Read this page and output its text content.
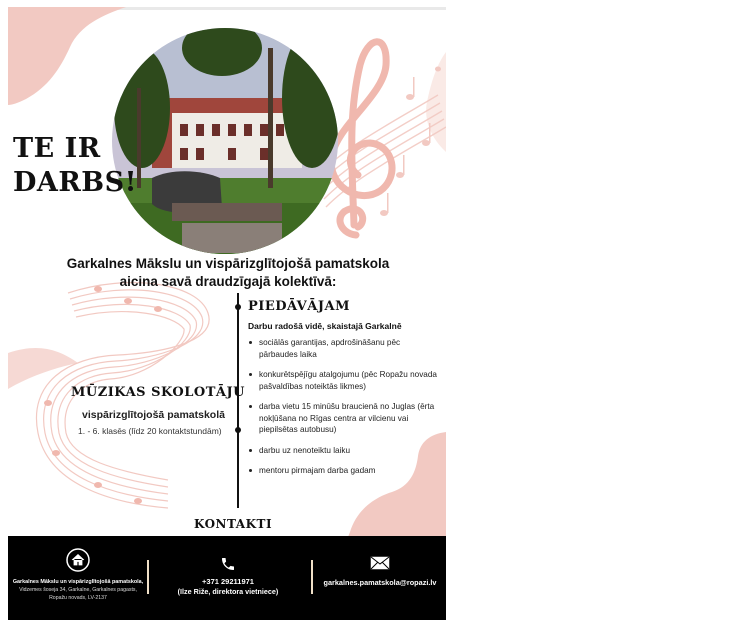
TE IR
DARBS!
Garkalnes Mākslu un vispārizglītojošā pamatskola
aicina savā draudzīgajā kolektīvā:
PIEDĀVĀJAM
Darbu radošā vidē, skaistajā Garkalnē
sociālās garantijas, apdrošināšanu pēc pārbaudes laika
konkurētspējīgu atalgojumu (pēc Ropažu novada pašvaldības noteiktās likmes)
darba vietu 15 minūšu braucienā no Juglas (ērta nokļūšana no Rīgas centra ar vilcienu vai piepilsētas autobusu)
darbu uz nenoteiktu laiku
mentoru pirmajam darba gadam
MŪZIKAS SKOLOTĀJU
vispārizglītojošā pamatskolā
1. - 6. klasēs (līdz 20 kontaktstundām)
KONTAKTI
Garkalnes Mākslu un vispārizglītojošā pamatskola,
Vidzemes šoseja 34, Garkalne, Garkalnes pagasts,
Ropažu novads, LV-2137
+371 29211971
(Ilze Riže, direktora vietniece)
garkalnes.pamatskola@ropazi.lv
